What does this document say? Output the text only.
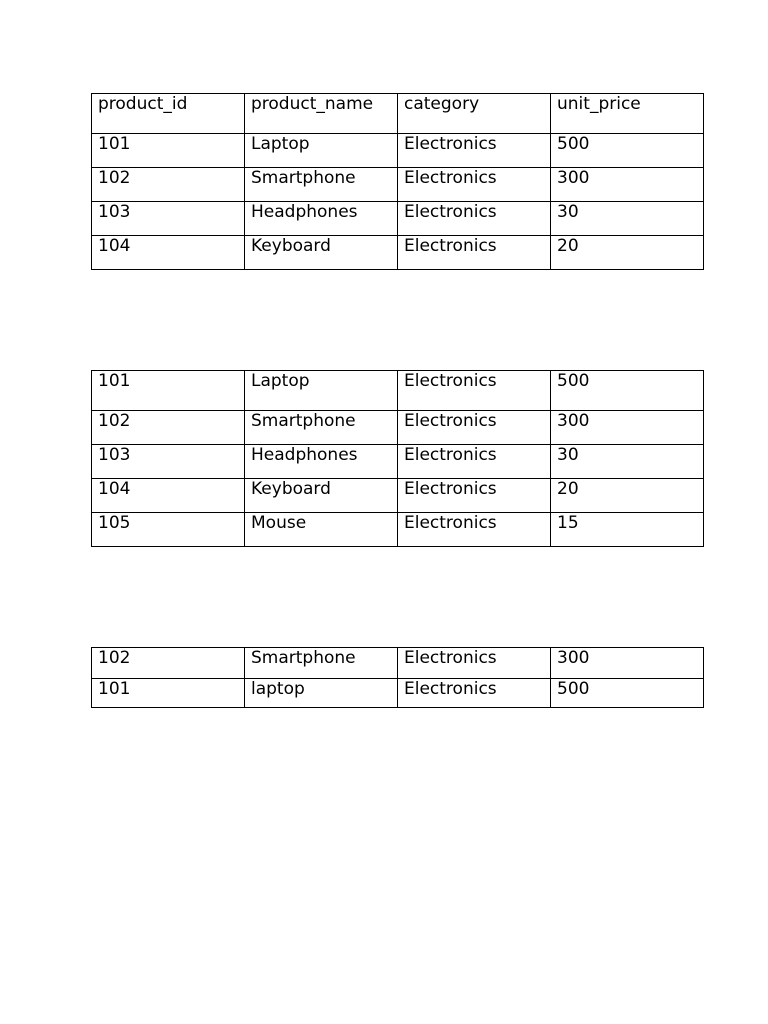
product_id	product_name	category	unit_price
101	Laptop	Electronics	500
102	Smartphone	Electronics	300
103	Headphones	Electronics	30
104	Keyboard	Electronics	20
101	Laptop	Electronics	500
102	Smartphone	Electronics	300
103	Headphones	Electronics	30
104	Keyboard	Electronics	20
105	Mouse	Electronics	15
102	Smartphone	Electronics	300
101	laptop	Electronics	500
